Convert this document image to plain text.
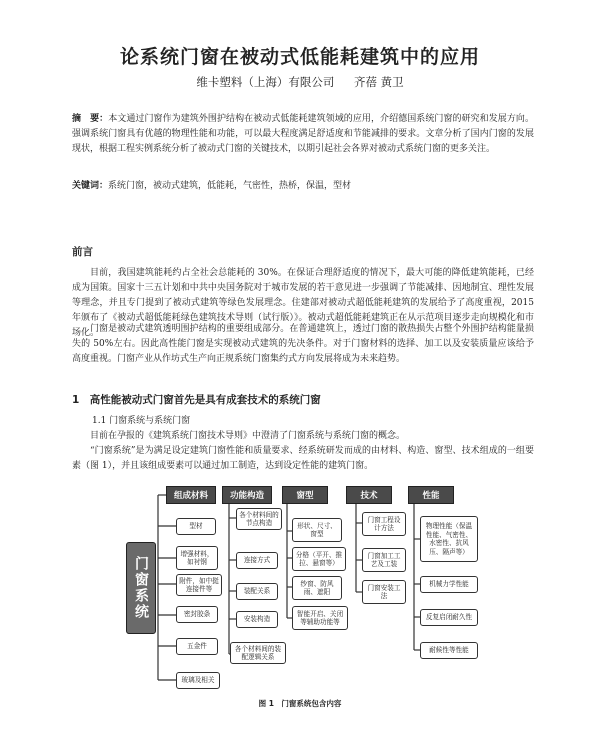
论系统门窗在被动式低能耗建筑中的应用
维卡塑料（上海）有限公司 齐蓓 黄卫
摘　要：本文通过门窗作为建筑外围护结构在被动式低能耗建筑领域的应用，介绍德国系统门窗的研究和发展方向。强调系统门窗具有优越的物理性能和功能，可以最大程度满足舒适度和节能减排的要求。文章分析了国内门窗的发展现状，根据工程实例系统分析了被动式门窗的关键技术，以期引起社会各界对被动式系统门窗的更多关注。
关键词：系统门窗，被动式建筑，低能耗，气密性，热桥，保温，型材
前言
目前，我国建筑能耗约占全社会总能耗的 30%。在保证合理舒适度的情况下，最大可能的降低建筑能耗，已经成为国策。国家十三五计划和中共中央国务院对于城市发展的若干意见进一步强调了节能减排、因地制宜、理性发展等理念，并且专门提到了被动式建筑等绿色发展理念。住建部对被动式超低能耗建筑的发展给予了高度重视，2015 年颁布了《被动式超低能耗绿色建筑技术导则（试行版）》。被动式超低能耗建筑正在从示范项目逐步走向规模化和市场化。
门窗是被动式建筑透明围护结构的重要组成部分。在普通建筑上，透过门窗的散热损失占整个外围护结构能量损失的 50%左右。因此高性能门窗是实现被动式建筑的先决条件。对于门窗材料的选择、加工以及安装质量应该给予高度重视。门窗产业从作坊式生产向正规系统门窗集约式方向发展将成为未来趋势。
1　高性能被动式门窗首先是具有成套技术的系统门窗
1.1 门窗系统与系统门窗
目前在孕报的《建筑系统门窗技术导则》中澄清了门窗系统与系统门窗的概念。
“门窗系统”是为满足设定建筑门窗性能和质量要求、经系统研发而成的由材料、构造、窗型、技术组成的一组要素（图 1），并且该组成要素可以通过加工制造，达到设定性能的建筑门窗。
门窗系统
组成材料
型材
增强材料，如衬钢
附件，如中挺连接件等
密封胶条
五金件
玻璃及相关
功能构造
各个材料间的节点构造
连接方式
装配关系
安装构造
各个材料间的装配逻辑关系
窗型
形状、尺寸、窗型
分格（平开、推拉、悬窗等）
纱窗、防风雨、遮阳
智能开启、关闭等辅助功能等
技术
门窗工程设计方法
门窗加工工艺及工装
门窗安装工法
性能
物理性能（保温性能、气密性、水密性、抗风压、隔声等）
机械力学性能
反复启闭耐久性
耐候性等性能
图 1　门窗系统包含内容
